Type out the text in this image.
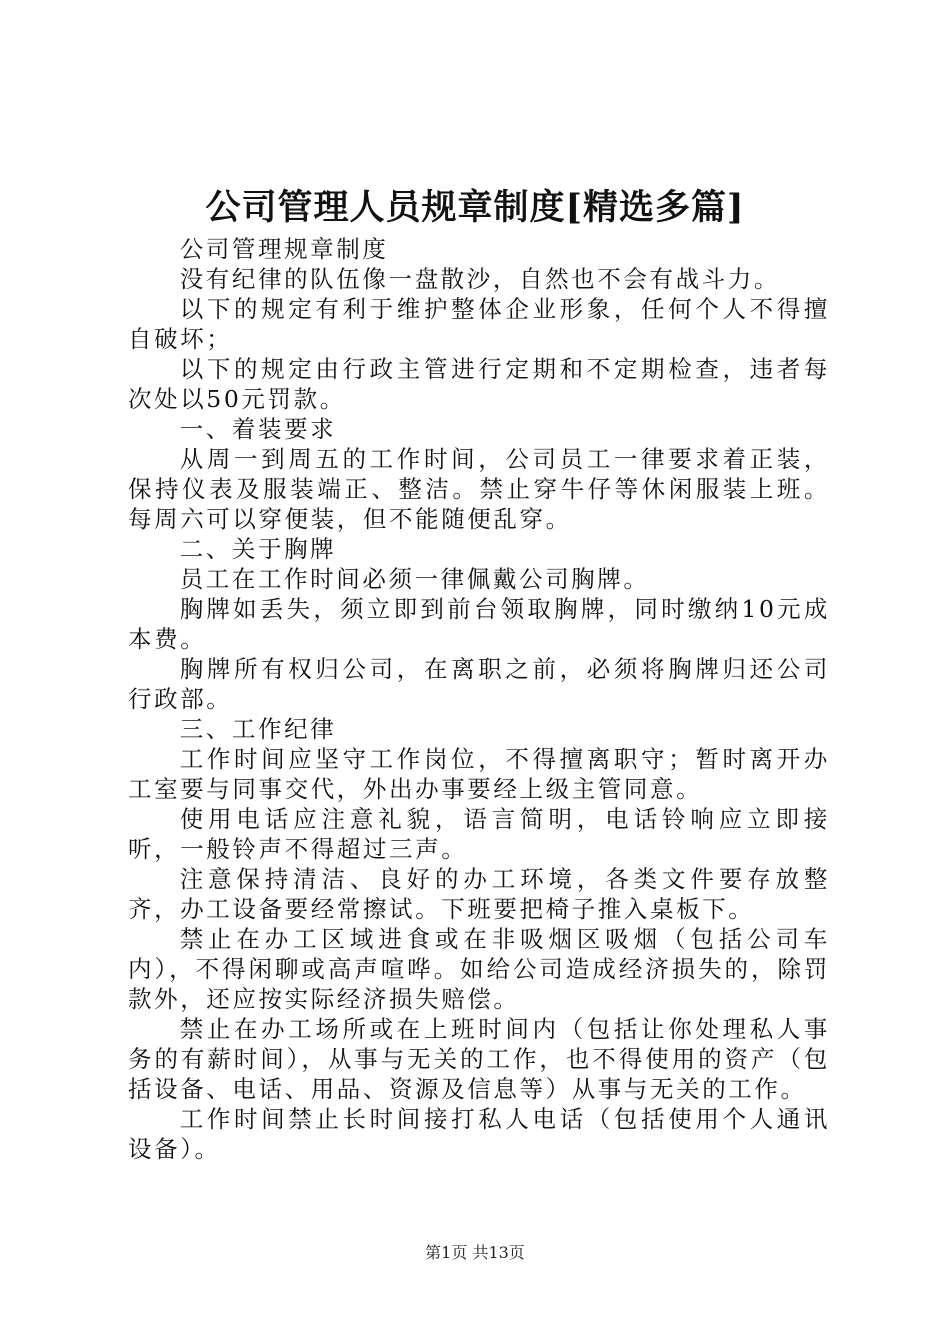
公司管理人员规章制度[精选多篇]

公司管理规章制度

没有纪律的队伍像一盘散沙，自然也不会有战斗力。

以下的规定有利于维护整体企业形象，任何个人不得擅自破坏；

以下的规定由行政主管进行定期和不定期检查，违者每次处以50元罚款。

一、着装要求

从周一到周五的工作时间，公司员工一律要求着正装，保持仪表及服装端正、整洁。禁止穿牛仔等休闲服装上班。每周六可以穿便装，但不能随便乱穿。

二、关于胸牌

员工在工作时间必须一律佩戴公司胸牌。

胸牌如丢失，须立即到前台领取胸牌，同时缴纳10元成本费。

胸牌所有权归公司，在离职之前，必须将胸牌归还公司行政部。

三、工作纪律

工作时间应坚守工作岗位，不得擅离职守；暂时离开办工室要与同事交代，外出办事要经上级主管同意。

使用电话应注意礼貌，语言简明，电话铃响应立即接听，一般铃声不得超过三声。

注意保持清洁、良好的办工环境，各类文件要存放整齐，办工设备要经常擦试。下班要把椅子推入桌板下。

禁止在办工区域进食或在非吸烟区吸烟（包括公司车内），不得闲聊或高声喧哗。如给公司造成经济损失的，除罚款外，还应按实际经济损失赔偿。

禁止在办工场所或在上班时间内（包括让你处理私人事务的有薪时间），从事与无关的工作，也不得使用的资产（包括设备、电话、用品、资源及信息等）从事与无关的工作。

工作时间禁止长时间接打私人电话（包括使用个人通讯设备）。

第1页 共13页
